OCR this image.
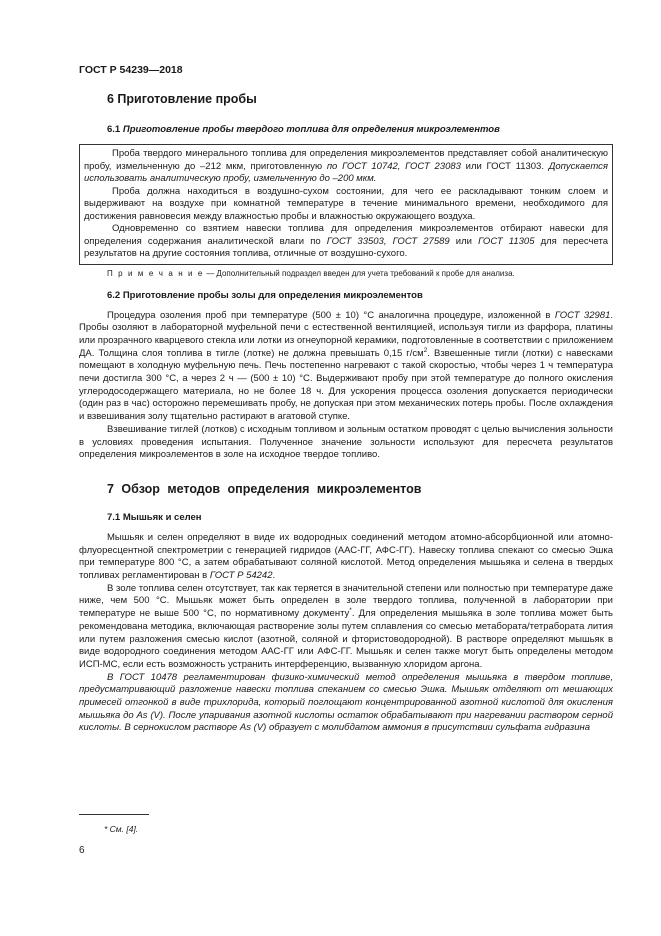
ГОСТ Р 54239—2018
6 Приготовление пробы
6.1 Приготовление пробы твердого топлива для определения микроэлементов

Проба твердого минерального топлива для определения микроэлементов представляет собой аналитическую пробу, измельченную до –212 мкм, приготовленную по ГОСТ 10742, ГОСТ 23083 или ГОСТ 11303. Допускается использовать аналитическую пробу, измельченную до –200 мкм.

Проба должна находиться в воздушно-сухом состоянии, для чего ее раскладывают тонким слоем и выдерживают на воздухе при комнатной температуре в течение минимального времени, необходимого для достижения равновесия между влажностью пробы и влажностью окружающего воздуха.

Одновременно со взятием навески топлива для определения микроэлементов отбирают навески для определения содержания аналитической влаги по ГОСТ 33503, ГОСТ 27589 или ГОСТ 11305 для пересчета результатов на другие состояния топлива, отличные от воздушно-сухого.

П р и м е ч а н и е — Дополнительный подраздел введен для учета требований к пробе для анализа.
6.2 Приготовление пробы золы для определения микроэлементов

Процедура озоления проб при температуре (500 ± 10) °С аналогична процедуре, изложенной в ГОСТ 32981. Пробы озоляют в лабораторной муфельной печи с естественной вентиляцией, используя тигли из фарфора, платины или прозрачного кварцевого стекла или лотки из огнеупорной керамики, подготовленные в соответствии с приложением ДА. Толщина слоя топлива в тигле (лотке) не должна превышать 0,15 $г/см^2$. Взвешенные тигли (лотки) с навесками помещают в холодную муфельную печь. Печь постепенно нагревают с такой скоростью, чтобы через 1 ч температура печи достигла 300 °С, а через 2 ч — (500 ± 10) °С. Выдерживают пробу при этой температуре до полного окисления углеродосодержащего материала, но не более 18 ч. Для ускорения процесса озоления допускается периодически (один раз в час) осторожно перемешивать пробу, не допуская при этом механических потерь пробы. После охлаждения и взвешивания золу тщательно растирают в агатовой ступке.

Взвешивание тиглей (лотков) с исходным топливом и зольным остатком проводят с целью вычисления зольности в условиях проведения испытания. Полученное значение зольности используют для пересчета результатов определения микроэлементов в золе на исходное твердое топливо.

7 Обзор методов определения микроэлементов
7.1 Мышьяк и селен

Мышьяк и селен определяют в виде их водородных соединений методом атомно-абсорбционной или атомно-флуоресцентной спектрометрии с генерацией гидридов (ААС-ГГ, АФС-ГГ). Навеску топлива спекают со смесью Эшка при температуре 800 °С, а затем обрабатывают соляной кислотой. Метод определения мышьяка и селена в твердых топливах регламентирован в ГОСТ Р 54242.

В золе топлива селен отсутствует, так как теряется в значительной степени или полностью при температуре даже ниже, чем 500 °С. Мышьяк может быть определен в золе твердого топлива, полученной в лаборатории при температуре не выше 500 °С, по нормативному документу*. Для определения мышьяка в золе топлива может быть рекомендована методика, включающая растворение золы путем сплавления со смесью метабората/тетрабората лития или путем разложения смесью кислот (азотной, соляной и фтористоводородной). В растворе определяют мышьяк в виде водородного соединения методом ААС-ГГ или АФС-ГГ. Мышьяк и селен также могут быть определены методом ИСП-МС, если есть возможность устранить интерференцию, вызванную хлоридом аргона.

В ГОСТ 10478 регламентирован физико-химический метод определения мышьяка в твердом топливе, предусматривающий разложение навески топлива спеканием со смесью Эшка. Мышьяк отделяют от мешающих примесей отгонкой в виде трихлорида, который поглощают концентрированной азотной кислотой для окисления мышьяка до As (V). После упаривания азотной кислоты остаток обрабатывают при нагревании раствором серной кислоты. В сернокислом растворе As (V) образует с молибдатом аммония в присутствии сульфата гидразина

* См. [4].
6
